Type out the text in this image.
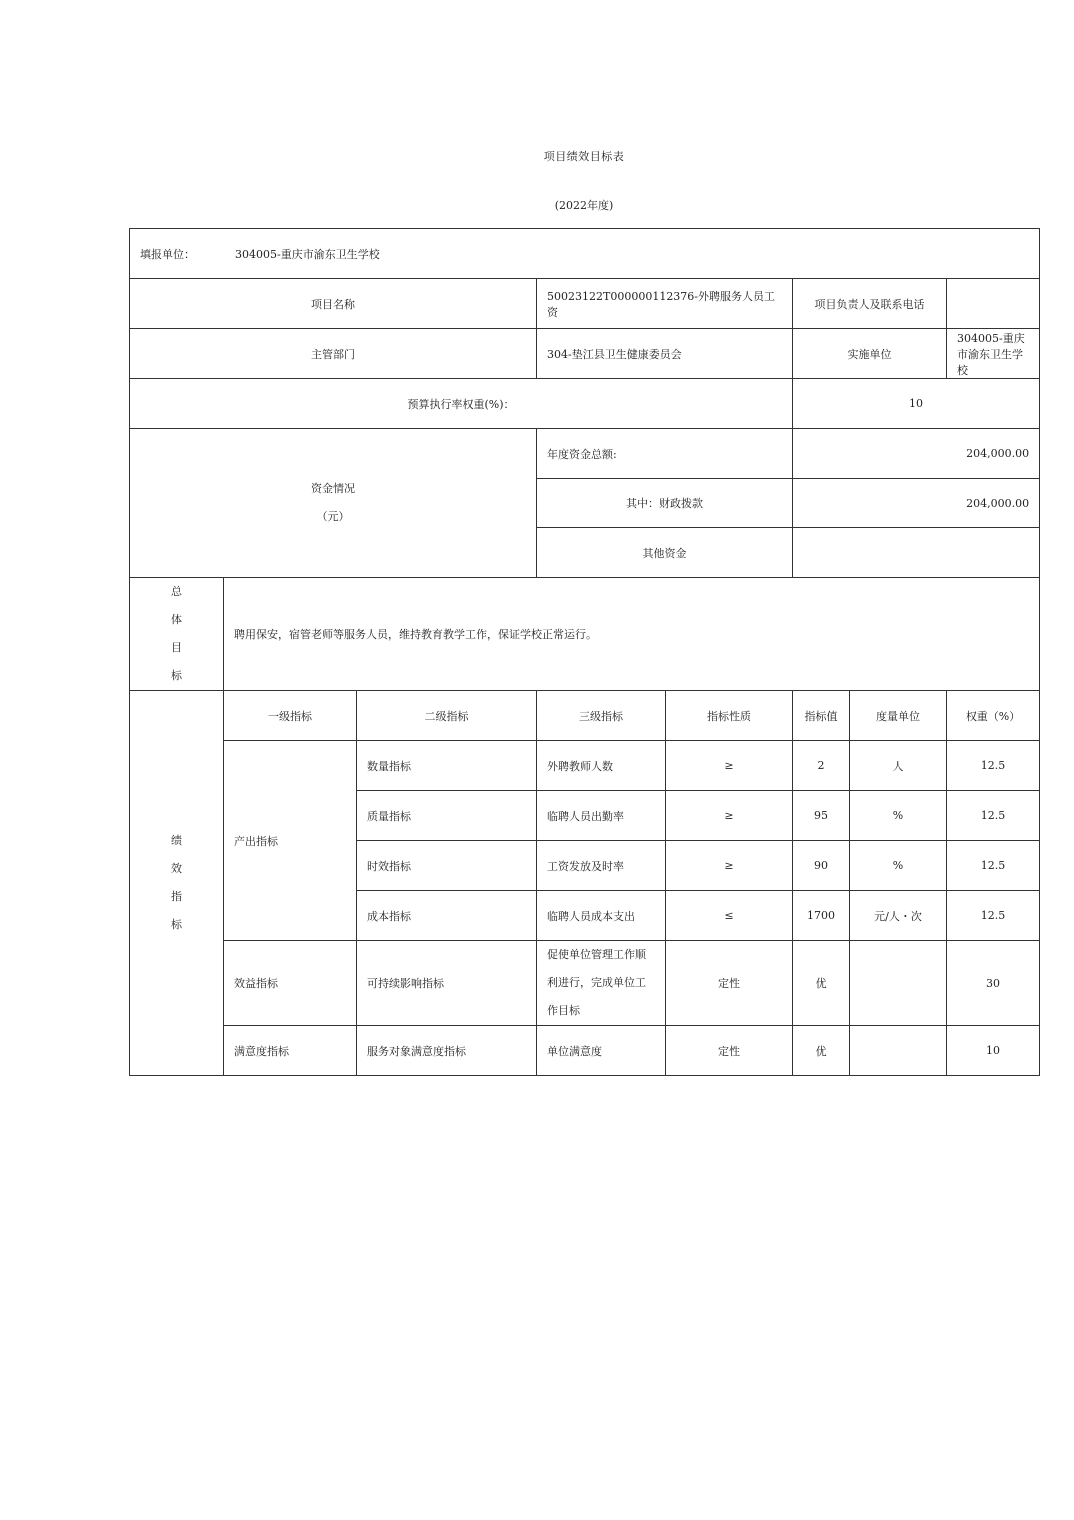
项目绩效目标表
(2022年度)
填报单位： 304005-重庆市渝东卫生学校							
项目名称			50023122T000000112376-外聘服务人员工资		项目负责人及联系电话		
主管部门			304-垫江县卫生健康委员会		实施单位		304005-重庆市渝东卫生学校
预算执行率权重(%)：					10		

资金情况
（元）			年度资金总额:		204,000.00		
			其中：财政拨款		204,000.00		
			其他资金				

总
体
目
标	聘用保安，宿管老师等服务人员，维持教育教学工作，保证学校正常运行。						

绩
效
指
标	一级指标	二级指标	三级指标	指标性质	指标值	度量单位	权重（%）
	产出指标	数量指标	外聘教师人数	≥	2	人	12.5
		质量指标	临聘人员出勤率	≥	95	%	12.5
		时效指标	工资发放及时率	≥	90	%	12.5
		成本指标	临聘人员成本支出	≤	1700	元/人・次	12.5
	效益指标	可持续影响指标	促使单位管理工作顺利进行，完成单位工作目标	定性	优		30
	满意度指标	服务对象满意度指标	单位满意度	定性	优		10
